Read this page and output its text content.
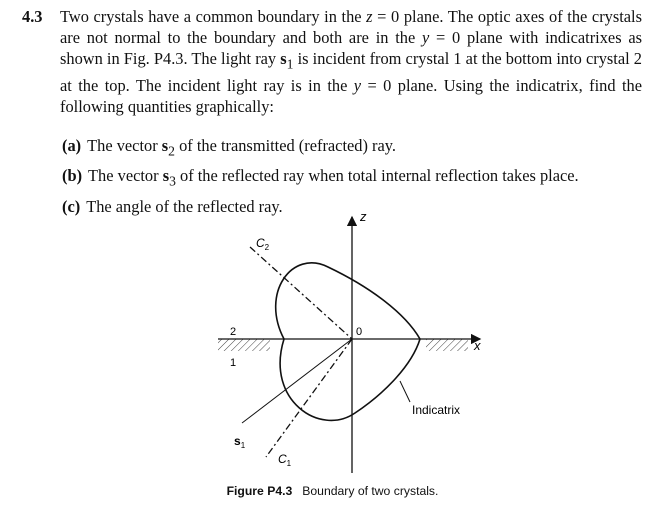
4.3 Two crystals have a common boundary in the z = 0 plane. The optic axes of the crystals are not normal to the boundary and both are in the y = 0 plane with indicatrixes as shown in Fig. P4.3. The light ray $s_1$ is incident from crystal 1 at the bottom into crystal 2 at the top. The incident light ray is in the y = 0 plane. Using the indicatrix, find the following quantities graphically:
(a) The vector $s_2$ of the transmitted (refracted) ray.
(b) The vector $s_3$ of the reflected ray when total internal reflection takes place.
(c) The angle of the reflected ray.
z
x
0
2
1
$C_2$
$C_1$
$s_1$
Indicatrix
Figure P4.3 Boundary of two crystals.
